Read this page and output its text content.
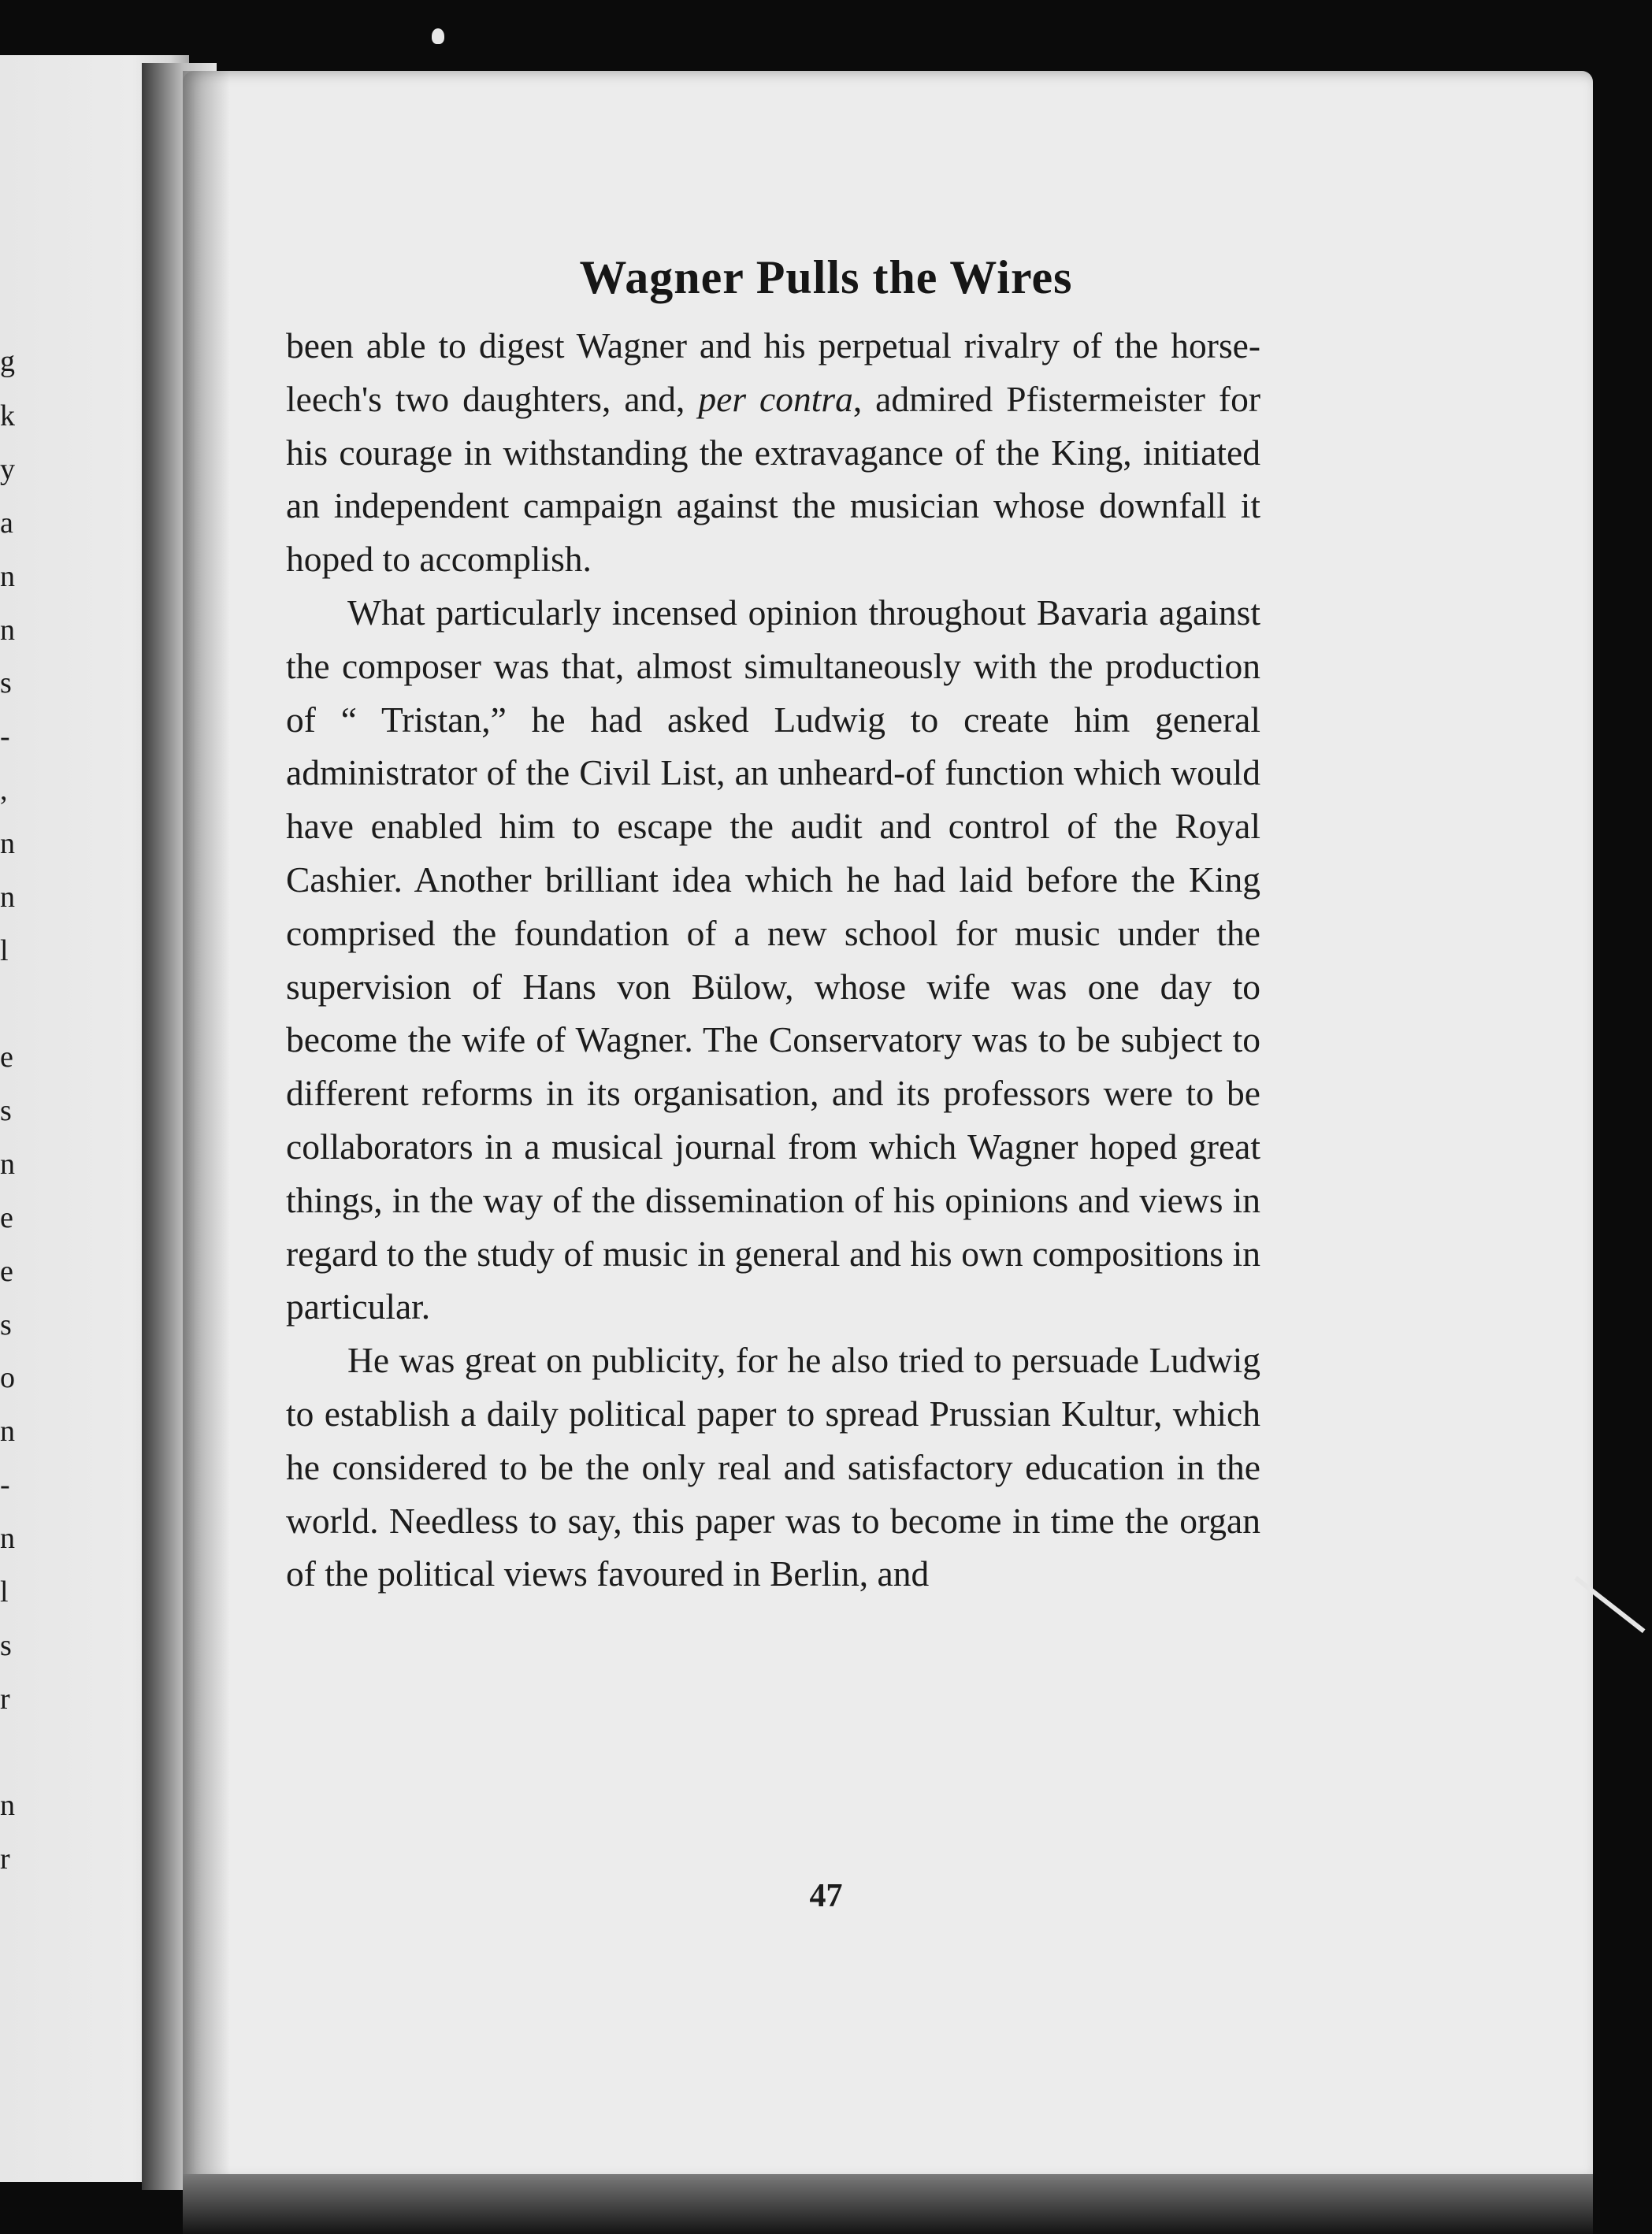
g
k
y
a
n
n
s
-
,
n
n
l
e
s
n
e
e
s
o
n
-
n
l
s
r
n
r
Wagner Pulls the Wires

been able to digest Wagner and his perpetual rivalry of the horse-leech's two daughters, and, per contra, admired Pfistermeister for his courage in withstanding the extravagance of the King, initiated an independent campaign against the musician whose downfall it hoped to accomplish.

What particularly incensed opinion throughout Bavaria against the composer was that, almost simultaneously with the production of “ Tristan,” he had asked Ludwig to create him general administrator of the Civil List, an unheard-of function which would have enabled him to escape the audit and control of the Royal Cashier. Another brilliant idea which he had laid before the King comprised the foundation of a new school for music under the supervision of Hans von Bülow, whose wife was one day to become the wife of Wagner. The Conservatory was to be subject to different reforms in its organisation, and its professors were to be collaborators in a musical journal from which Wagner hoped great things, in the way of the dissemination of his opinions and views in regard to the study of music in general and his own compositions in particular.

He was great on publicity, for he also tried to persuade Ludwig to establish a daily political paper to spread Prussian Kultur, which he considered to be the only real and satisfactory education in the world. Needless to say, this paper was to become in time the organ of the political views favoured in Berlin, and

47
